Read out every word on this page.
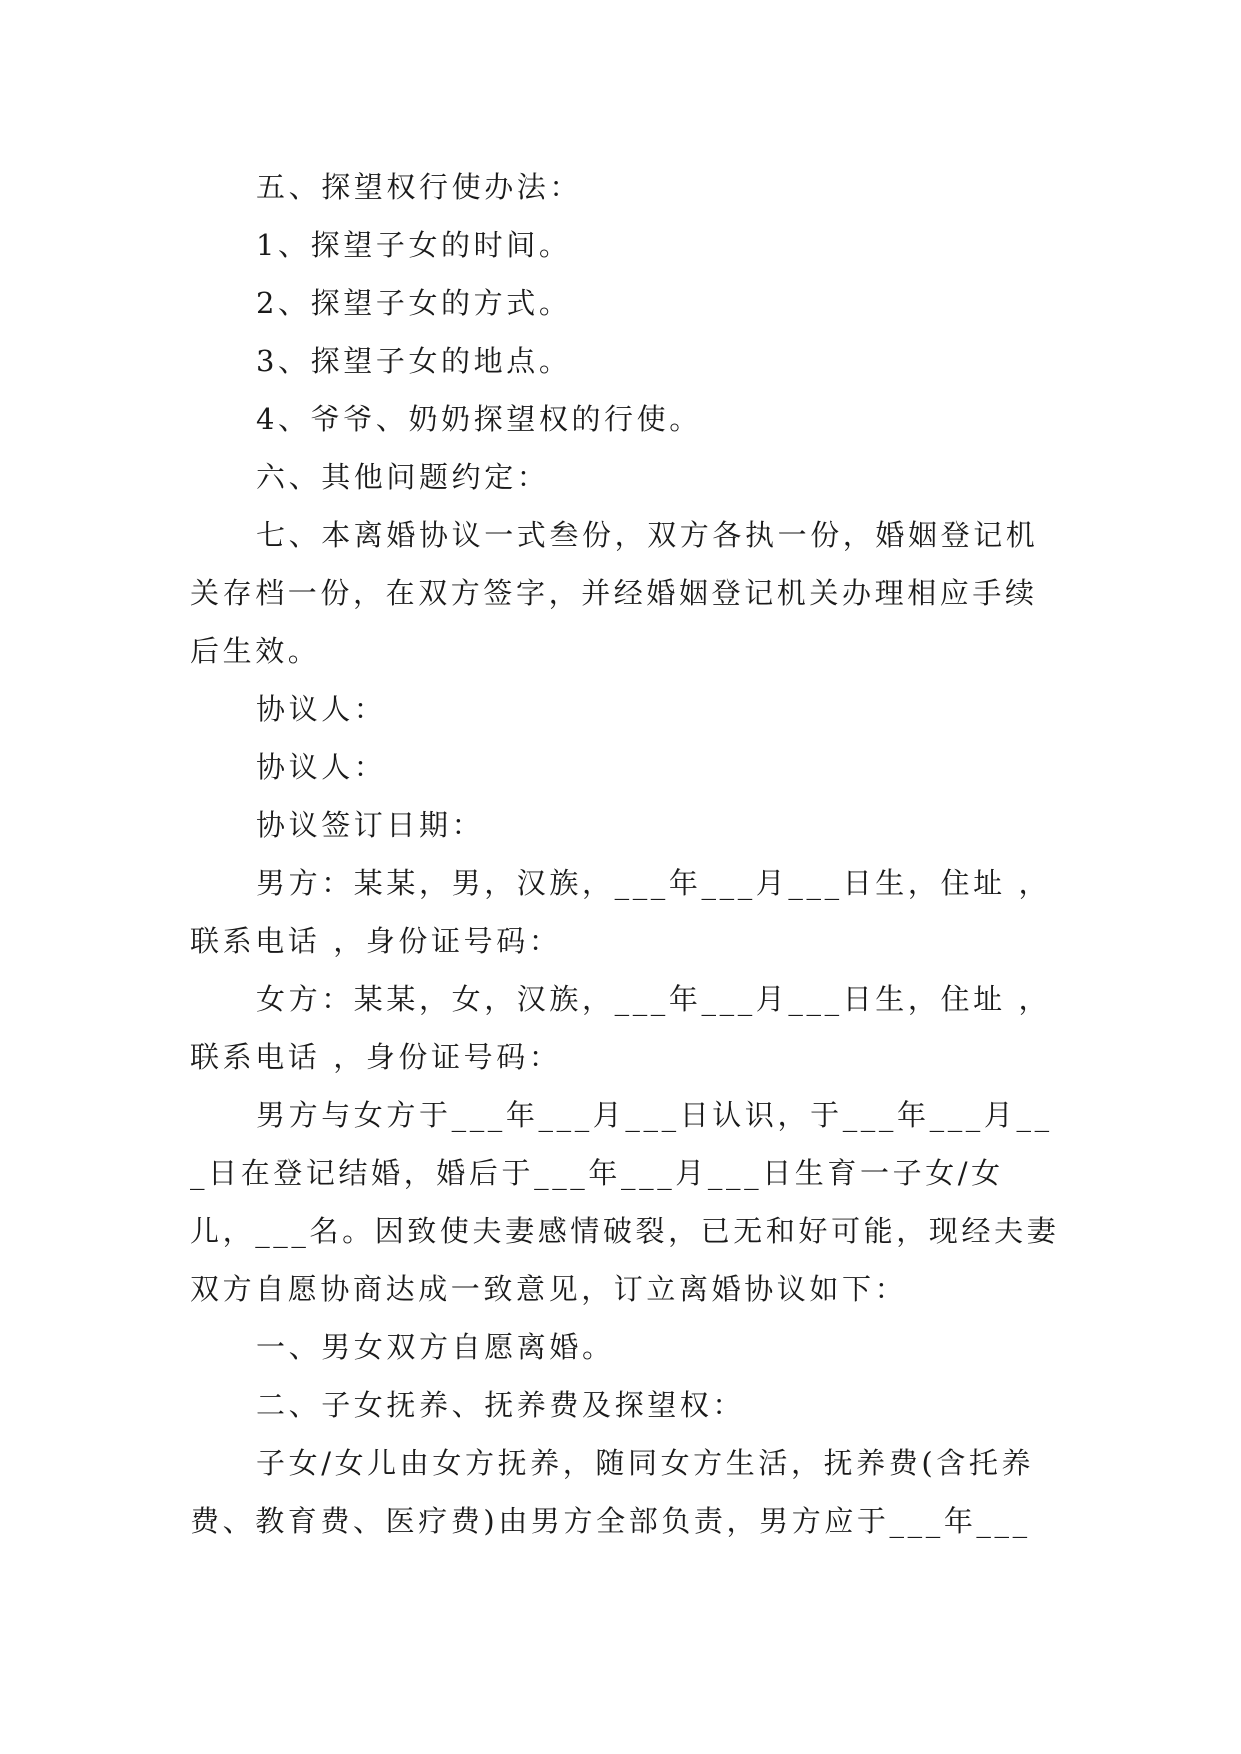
五、探望权行使办法：

1、探望子女的时间。

2、探望子女的方式。

3、探望子女的地点。

4、爷爷、奶奶探望权的行使。

六、其他问题约定：

七、本离婚协议一式叁份，双方各执一份，婚姻登记机关存档一份，在双方签字，并经婚姻登记机关办理相应手续后生效。

协议人：

协议人：

协议签订日期：

男方：某某，男，汉族，___年___月___日生，住址 ，联系电话 ，身份证号码：

女方：某某，女，汉族，___年___月___日生，住址 ，联系电话 ，身份证号码：

男方与女方于___年___月___日认识，于___年___月___日在登记结婚，婚后于___年___月___日生育一子女/女儿，___名。因致使夫妻感情破裂，已无和好可能，现经夫妻双方自愿协商达成一致意见，订立离婚协议如下：

一、男女双方自愿离婚。

二、子女抚养、抚养费及探望权：

子女/女儿由女方抚养，随同女方生活，抚养费(含托养费、教育费、医疗费)由男方全部负责，男方应于___年___
